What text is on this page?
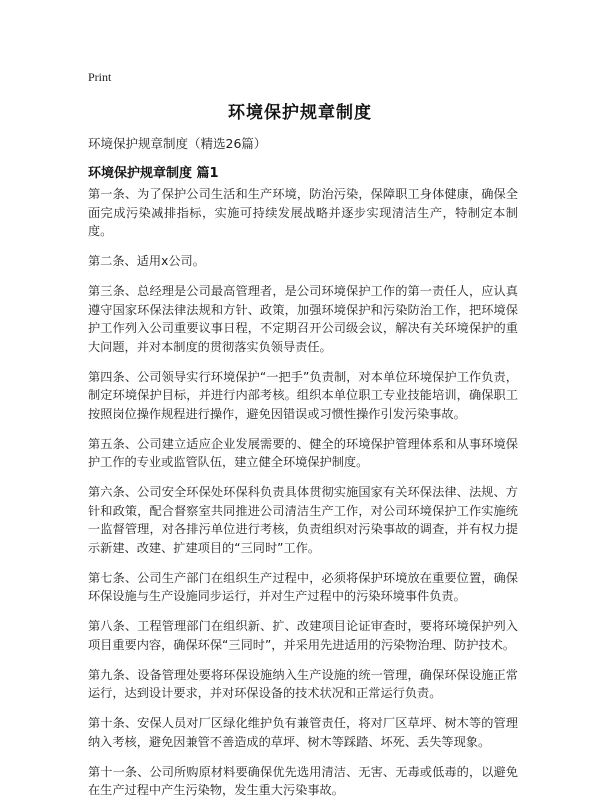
Print
环境保护规章制度
环境保护规章制度（精选26篇）
环境保护规章制度 篇1

第一条、为了保护公司生活和生产环境，防治污染，保障职工身体健康，确保全面完成污染减排指标，实施可持续发展战略并逐步实现清洁生产，特制定本制度。

第二条、适用x公司。

第三条、总经理是公司最高管理者，是公司环境保护工作的第一责任人，应认真遵守国家环保法律法规和方针、政策，加强环境保护和污染防治工作，把环境保护工作列入公司重要议事日程，不定期召开公司级会议，解决有关环境保护的重大问题，并对本制度的贯彻落实负领导责任。

第四条、公司领导实行环境保护“一把手”负责制，对本单位环境保护工作负责，制定环境保护目标，并进行内部考核。组织本单位职工专业技能培训，确保职工按照岗位操作规程进行操作，避免因错误或习惯性操作引发污染事故。

第五条、公司建立适应企业发展需要的、健全的环境保护管理体系和从事环境保护工作的专业或监管队伍，建立健全环境保护制度。

第六条、公司安全环保处环保科负责具体贯彻实施国家有关环保法律、法规、方针和政策，配合督察室共同推进公司清洁生产工作，对公司环境保护工作实施统一监督管理，对各排污单位进行考核，负责组织对污染事故的调查，并有权力提示新建、改建、扩建项目的“三同时”工作。

第七条、公司生产部门在组织生产过程中，必须将保护环境放在重要位置，确保环保设施与生产设施同步运行，并对生产过程中的污染环境事件负责。

第八条、工程管理部门在组织新、扩、改建项目论证审查时，要将环境保护列入项目重要内容，确保环保“三同时”，并采用先进适用的污染物治理、防护技术。

第九条、设备管理处要将环保设施纳入生产设施的统一管理，确保环保设施正常运行，达到设计要求，并对环保设备的技术状况和正常运行负责。

第十条、安保人员对厂区绿化维护负有兼管责任，将对厂区草坪、树木等的管理纳入考核，避免因兼管不善造成的草坪、树木等踩踏、坏死、丢失等现象。

第十一条、公司所购原材料要确保优先选用清洁、无害、无毒或低毒的，以避免在生产过程中产生污染物，发生重大污染事故。
